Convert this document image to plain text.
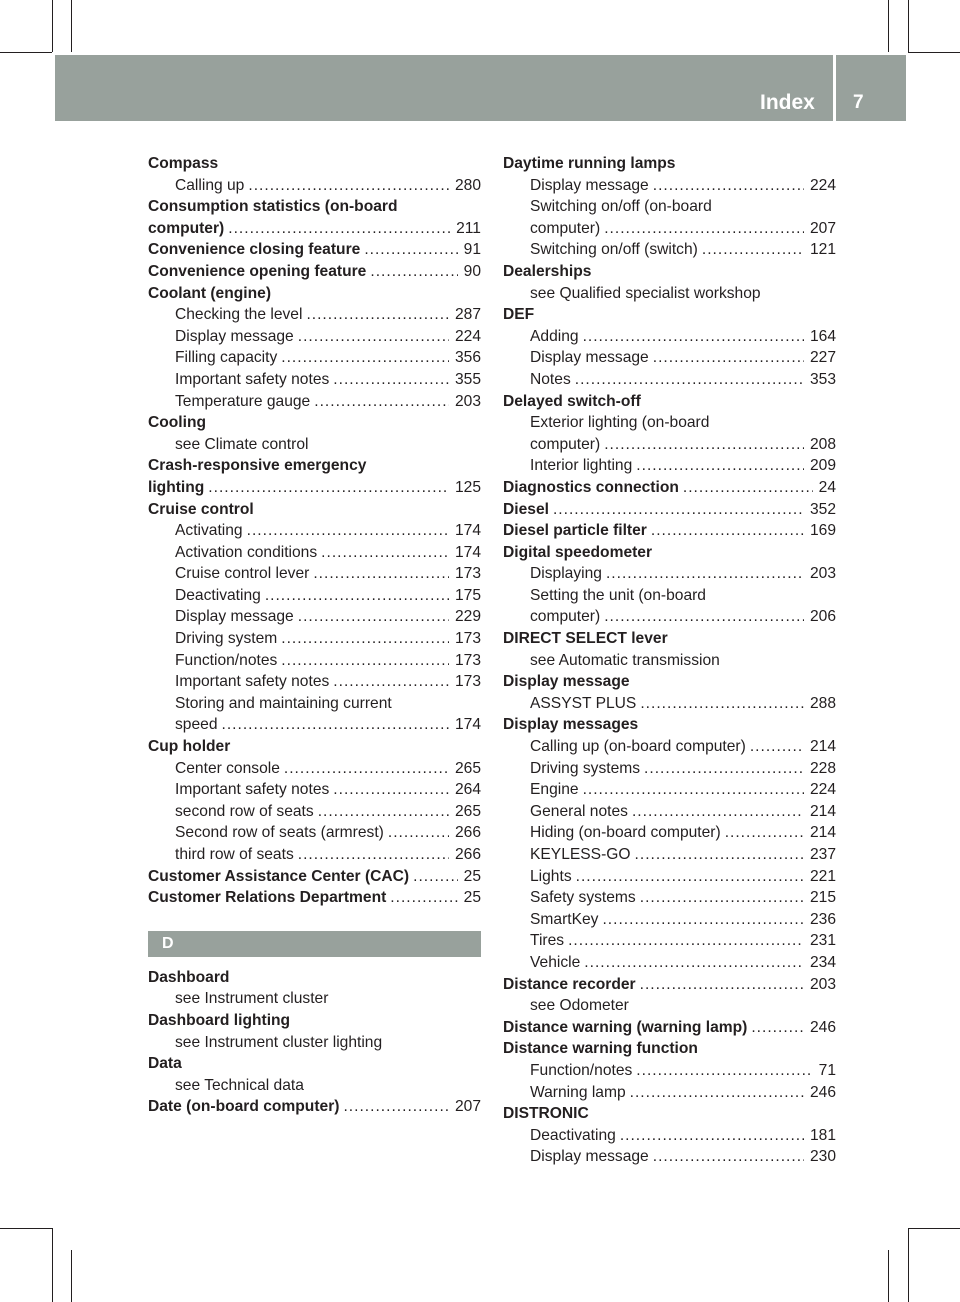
Index	7
Compass
Calling up .....	280
Consumption statistics (on-board
computer) .....	211
Convenience closing feature .....	91
Convenience opening feature .....	90
Coolant (engine)
Checking the level .....	287
Display message .....	224
Filling capacity .....	356
Important safety notes .....	355
Temperature gauge .....	203
Cooling
see Climate control
Crash-responsive emergency
lighting .....	125
Cruise control
Activating .....	174
Activation conditions .....	174
Cruise control lever .....	173
Deactivating .....	175
Display message .....	229
Driving system .....	173
Function/notes .....	173
Important safety notes .....	173
Storing and maintaining current
speed .....	174
Cup holder
Center console .....	265
Important safety notes .....	264
second row of seats .....	265
Second row of seats (armrest) .....	266
third row of seats .....	266
Customer Assistance Center (CAC) .....	25
Customer Relations Department .....	25
D
Dashboard
see Instrument cluster
Dashboard lighting
see Instrument cluster lighting
Data
see Technical data
Date (on-board computer) .....	207
Daytime running lamps
Display message .....	224
Switching on/off (on-board
computer) .....	207
Switching on/off (switch) .....	121
Dealerships
see Qualified specialist workshop
DEF
Adding .....	164
Display message .....	227
Notes .....	353
Delayed switch-off
Exterior lighting (on-board
computer) .....	208
Interior lighting .....	209
Diagnostics connection .....	24
Diesel .....	352
Diesel particle filter .....	169
Digital speedometer
Displaying .....	203
Setting the unit (on-board
computer) .....	206
DIRECT SELECT lever
see Automatic transmission
Display message
ASSYST PLUS .....	288
Display messages
Calling up (on-board computer) .....	214
Driving systems .....	228
Engine .....	224
General notes .....	214
Hiding (on-board computer) .....	214
KEYLESS-GO .....	237
Lights .....	221
Safety systems .....	215
SmartKey .....	236
Tires .....	231
Vehicle .....	234
Distance recorder .....	203
see Odometer
Distance warning (warning lamp) .....	246
Distance warning function
Function/notes .....	71
Warning lamp .....	246
DISTRONIC
Deactivating .....	181
Display message .....	230
